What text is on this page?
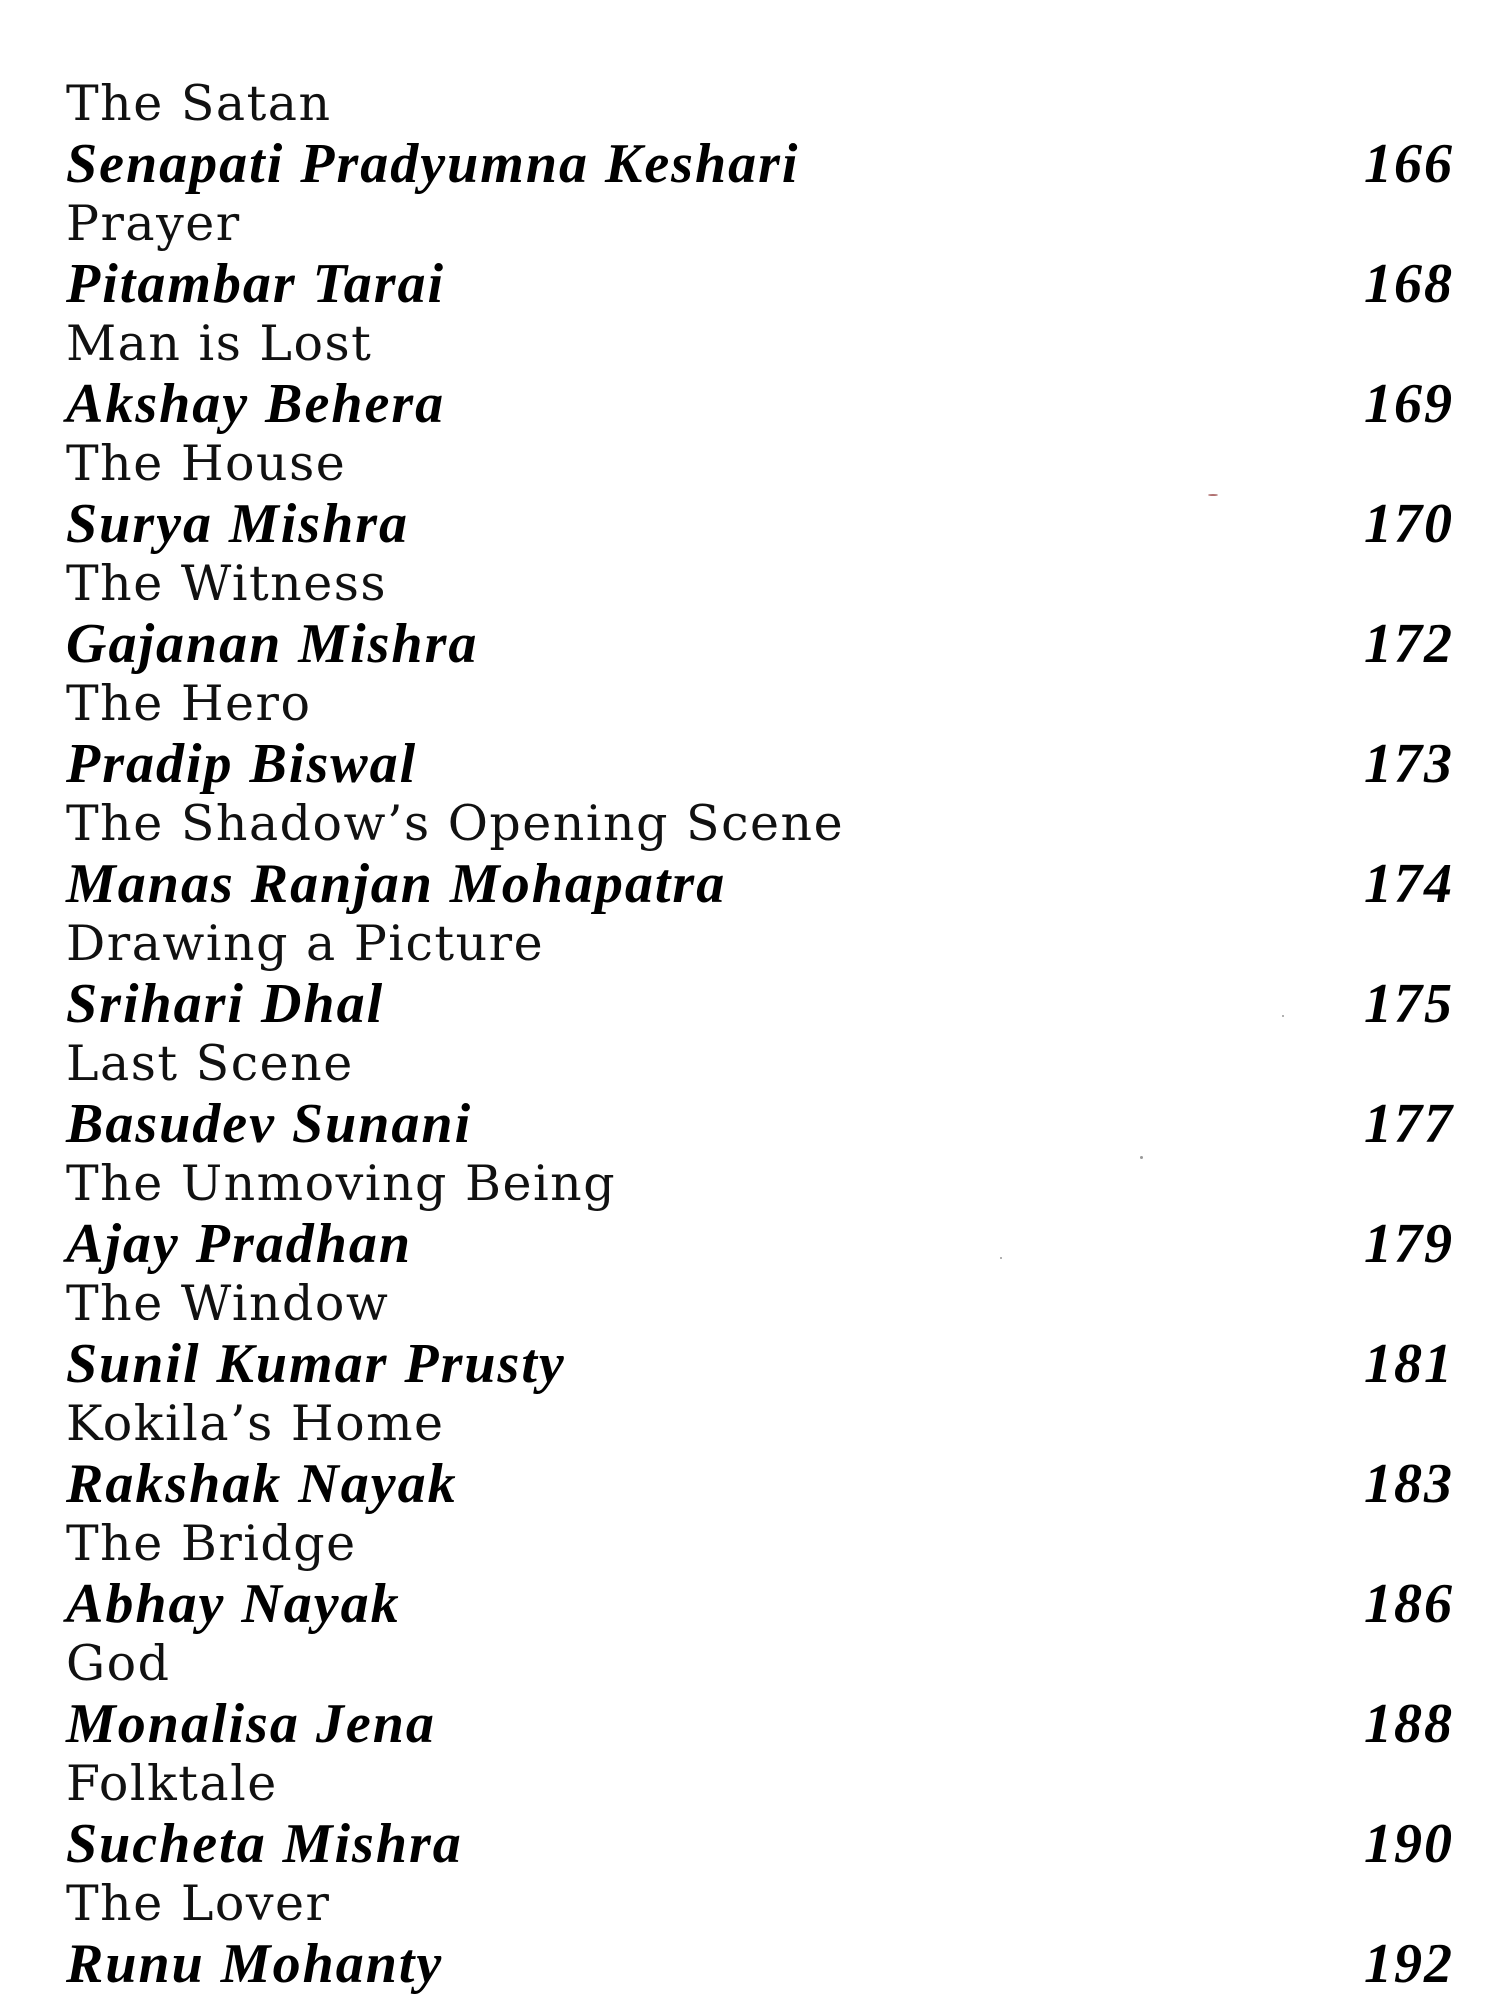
The Satan
Senapati Pradyumna Keshari	166
Prayer
Pitambar Tarai	168
Man is Lost
Akshay Behera	169
The House
Surya Mishra	170
The Witness
Gajanan Mishra	172
The Hero
Pradip Biswal	173
The Shadow’s Opening Scene
Manas Ranjan Mohapatra	174
Drawing a Picture
Srihari Dhal	175
Last Scene
Basudev Sunani	177
The Unmoving Being
Ajay Pradhan	179
The Window
Sunil Kumar Prusty	181
Kokila’s Home
Rakshak Nayak	183
The Bridge
Abhay Nayak	186
God
Monalisa Jena	188
Folktale
Sucheta Mishra	190
The Lover
Runu Mohanty	192
